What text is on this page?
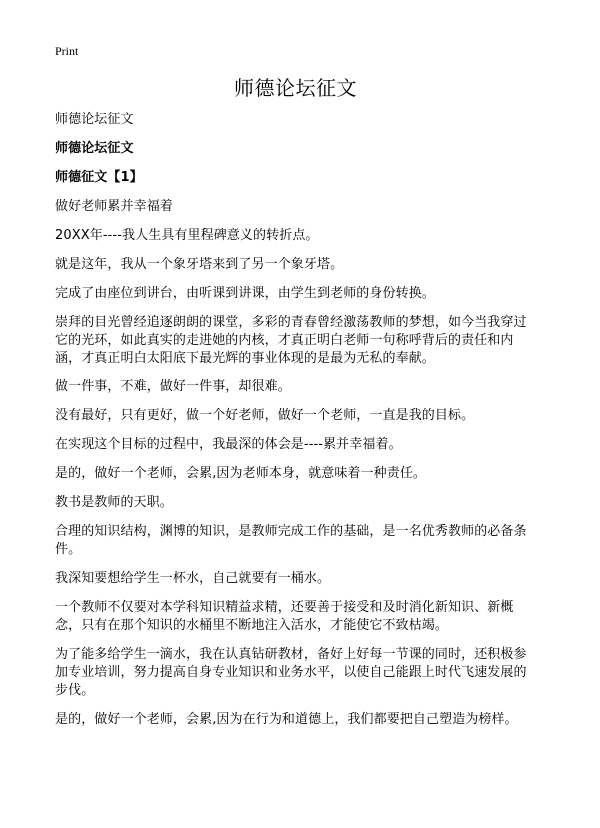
Print
师德论坛征文

师德论坛征文

师德论坛征文

师德征文【1】

做好老师累并幸福着

20XX年----我人生具有里程碑意义的转折点。

就是这年，我从一个象牙塔来到了另一个象牙塔。

完成了由座位到讲台，由听课到讲课，由学生到老师的身份转换。

崇拜的目光曾经追逐朗朗的课堂，多彩的青春曾经激荡教师的梦想，如今当我穿过它的光环，如此真实的走进她的内核，才真正明白老师一句称呼背后的责任和内涵，才真正明白太阳底下最光辉的事业体现的是最为无私的奉献。

做一件事，不难，做好一件事，却很难。

没有最好，只有更好，做一个好老师，做好一个老师，一直是我的目标。

在实现这个目标的过程中，我最深的体会是----累并幸福着。

是的，做好一个老师，会累,因为老师本身，就意味着一种责任。

教书是教师的天职。

合理的知识结构，渊博的知识，是教师完成工作的基础，是一名优秀教师的必备条件。

我深知要想给学生一杯水，自己就要有一桶水。

一个教师不仅要对本学科知识精益求精，还要善于接受和及时消化新知识、新概念，只有在那个知识的水桶里不断地注入活水，才能使它不致枯竭。

为了能多给学生一滴水，我在认真钻研教材，备好上好每一节课的同时，还积极参加专业培训，努力提高自身专业知识和业务水平，以使自己能跟上时代飞速发展的步伐。

是的，做好一个老师，会累,因为在行为和道德上，我们都要把自己塑造为榜样。
